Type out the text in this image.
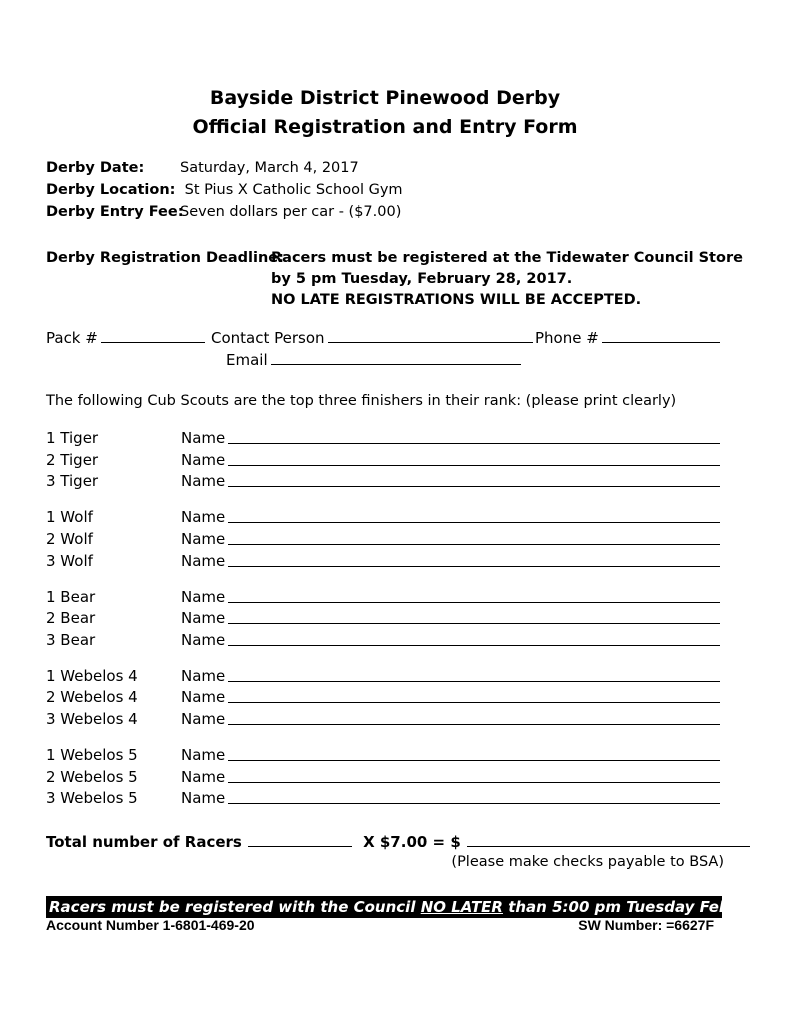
Bayside District Pinewood Derby
Official Registration and Entry Form
Derby Date: Saturday, March 4, 2017
Derby Location: St Pius X Catholic School Gym
Derby Entry Fee:Seven dollars per car - ($7.00)
Derby Registration Deadline:
Racers must be registered at the Tidewater Council Store
by 5 pm Tuesday, February 28, 2017.
NO LATE REGISTRATIONS WILL BE ACCEPTED.
Pack #	Contact Person	Phone #
Email
The following Cub Scouts are the top three finishers in their rank: (please print clearly)
1 Tiger	Name
2 Tiger	Name
3 Tiger	Name
1 Wolf	Name
2 Wolf	Name
3 Wolf	Name
1 Bear	Name
2 Bear	Name
3 Bear	Name
1 Webelos 4	Name
2 Webelos 4	Name
3 Webelos 4	Name
1 Webelos 5	Name
2 Webelos 5	Name
3 Webelos 5	Name
Total number of Racers	X $7.00 = $
(Please make checks payable to BSA)
Racers must be registered with the Council NO LATER than 5:00 pm Tuesday February 28
Account Number 1-6801-469-20	SW Number: =6627F
